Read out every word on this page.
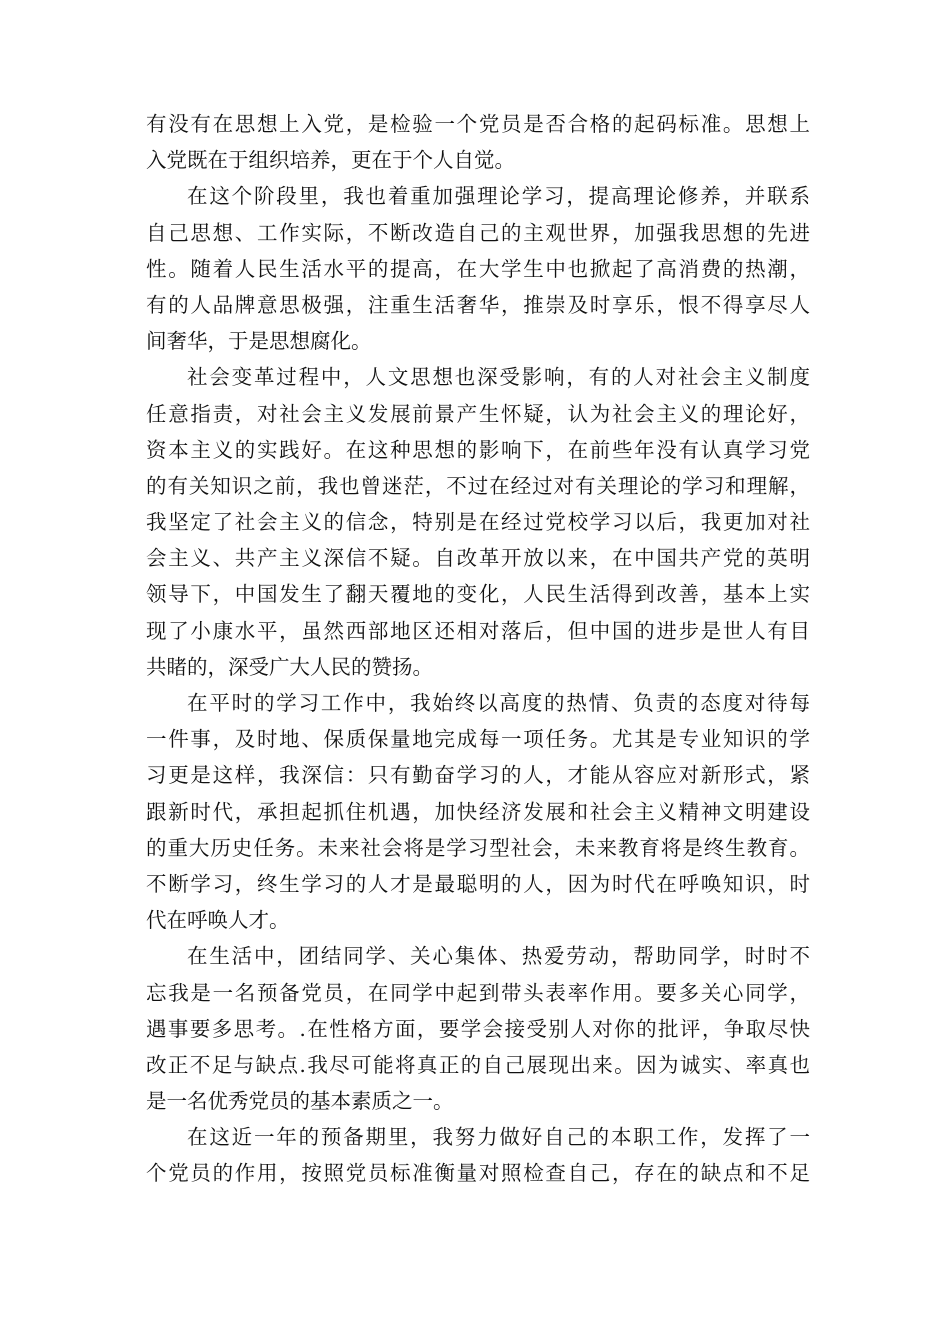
有没有在思想上入党，是检验一个党员是否合格的起码标准。思想上
入党既在于组织培养，更在于个人自觉。
在这个阶段里，我也着重加强理论学习，提高理论修养，并联系
自己思想、工作实际，不断改造自己的主观世界，加强我思想的先进
性。随着人民生活水平的提高，在大学生中也掀起了高消费的热潮，
有的人品牌意思极强，注重生活奢华，推崇及时享乐，恨不得享尽人
间奢华，于是思想腐化。
社会变革过程中，人文思想也深受影响，有的人对社会主义制度
任意指责，对社会主义发展前景产生怀疑，认为社会主义的理论好，
资本主义的实践好。在这种思想的影响下，在前些年没有认真学习党
的有关知识之前，我也曾迷茫，不过在经过对有关理论的学习和理解，
我坚定了社会主义的信念，特别是在经过党校学习以后，我更加对社
会主义、共产主义深信不疑。自改革开放以来，在中国共产党的英明
领导下，中国发生了翻天覆地的变化，人民生活得到改善，基本上实
现了小康水平，虽然西部地区还相对落后，但中国的进步是世人有目
共睹的，深受广大人民的赞扬。
在平时的学习工作中，我始终以高度的热情、负责的态度对待每
一件事，及时地、保质保量地完成每一项任务。尤其是专业知识的学
习更是这样，我深信：只有勤奋学习的人，才能从容应对新形式，紧
跟新时代，承担起抓住机遇，加快经济发展和社会主义精神文明建设
的重大历史任务。未来社会将是学习型社会，未来教育将是终生教育。
不断学习，终生学习的人才是最聪明的人，因为时代在呼唤知识，时
代在呼唤人才。
在生活中，团结同学、关心集体、热爱劳动，帮助同学，时时不
忘我是一名预备党员，在同学中起到带头表率作用。要多关心同学，
遇事要多思考。.在性格方面，要学会接受别人对你的批评，争取尽快
改正不足与缺点.我尽可能将真正的自己展现出来。因为诚实、率真也
是一名优秀党员的基本素质之一。
在这近一年的预备期里，我努力做好自己的本职工作，发挥了一
个党员的作用，按照党员标准衡量对照检查自己，存在的缺点和不足
